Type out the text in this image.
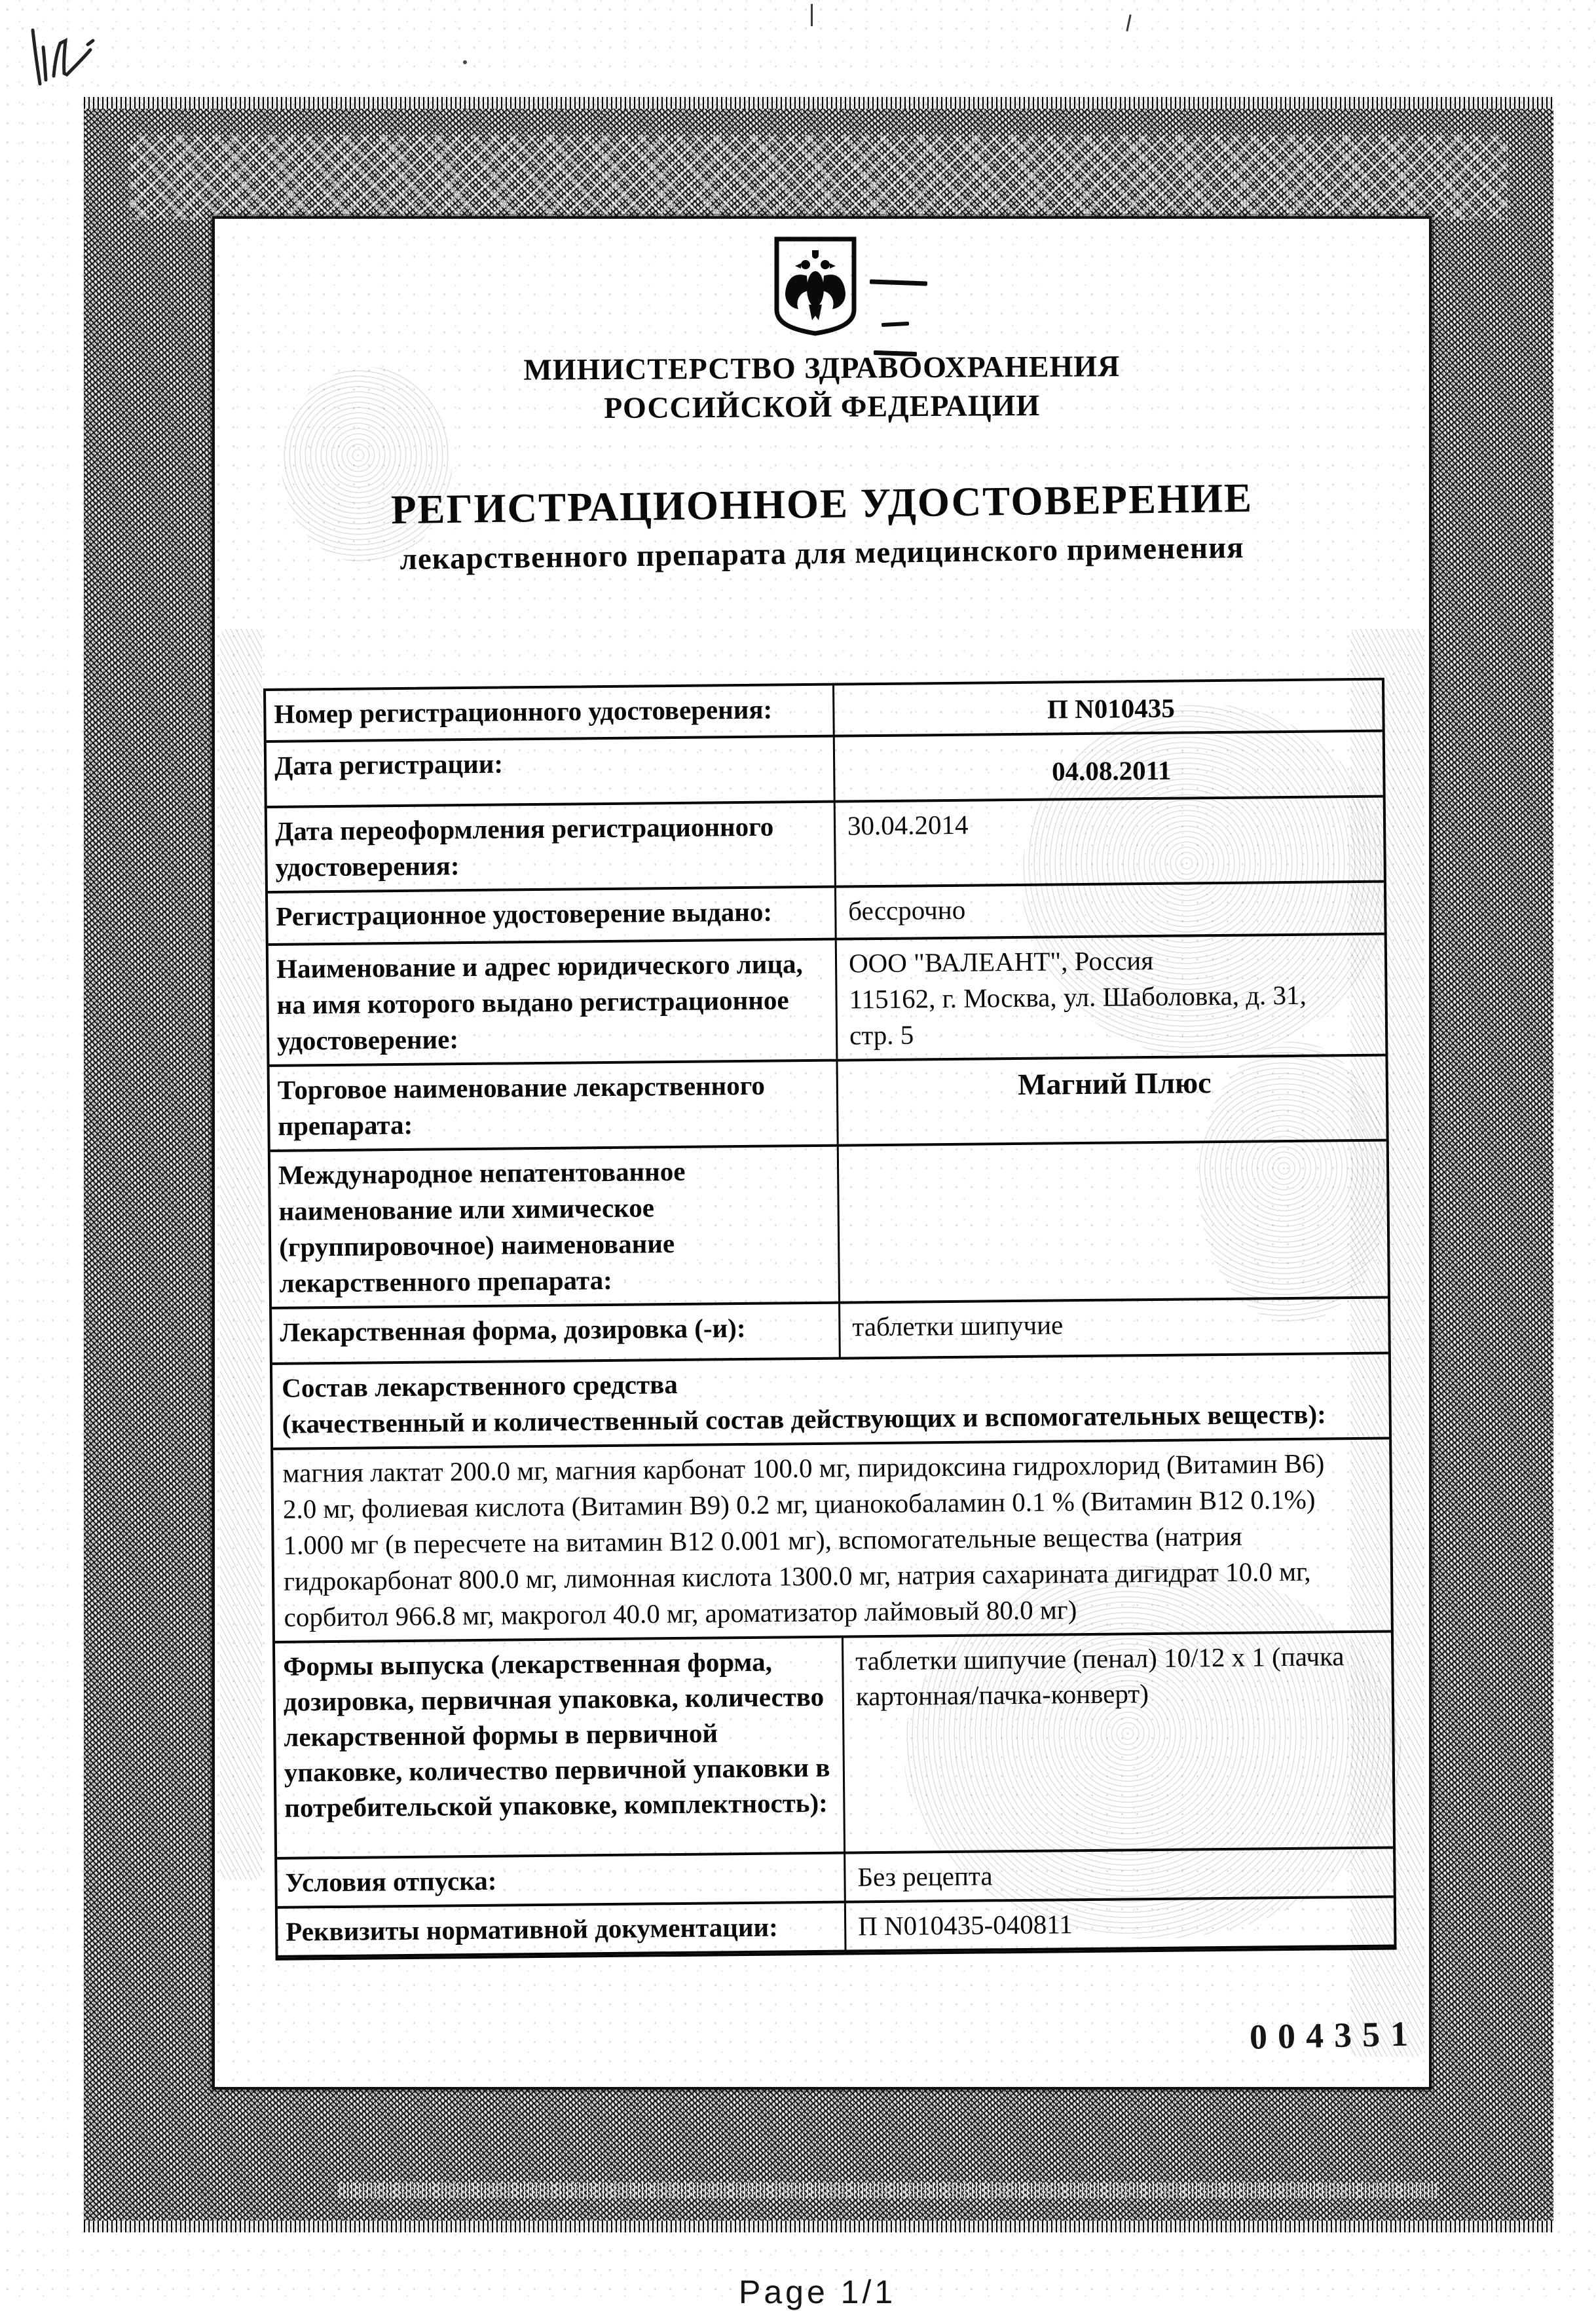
МИНИСТЕРСТВО ЗДРАВООХРАНЕНИЯ
РОССИЙСКОЙ ФЕДЕРАЦИИ
РЕГИСТРАЦИОННОЕ УДОСТОВЕРЕНИЕ
лекарственного препарата для медицинского применения
Номер регистрационного удостоверения:	П N010435
Дата регистрации:	04.08.2011
Дата переоформления регистрационного удостоверения:
30.04.2014
Регистрационное удостоверение выдано:	бессрочно
Наименование и адрес юридического лица, на имя которого выдано регистрационное удостоверение:
ООО "ВАЛЕАНТ", Россия
115162, г. Москва, ул. Шаболовка, д. 31,
стр. 5
Торговое наименование лекарственного препарата:
Магний Плюс
Международное непатентованное наименование или химическое (группировочное) наименование лекарственного препарата:
Лекарственная форма, дозировка (-и):	таблетки шипучие
Состав лекарственного средства
(качественный и количественный состав действующих и вспомогательных веществ):
магния лактат 200.0 мг, магния карбонат 100.0 мг, пиридоксина гидрохлорид (Витамин В6)
2.0 мг, фолиевая кислота (Витамин В9) 0.2 мг, цианокобаламин 0.1 % (Витамин В12 0.1%)
1.000 мг (в пересчете на витамин В12 0.001 мг), вспомогательные вещества (натрия
гидрокарбонат 800.0 мг, лимонная кислота 1300.0 мг, натрия сахарината дигидрат 10.0 мг,
сорбитол 966.8 мг, макрогол 40.0 мг, ароматизатор лаймовый 80.0 мг)
Формы выпуска (лекарственная форма, дозировка, первичная упаковка, количество лекарственной формы в первичной упаковке, количество первичной упаковки в потребительской упаковке, комплектность):
таблетки шипучие (пенал) 10/12 х 1 (пачка
картонная/пачка-конверт)
Условия отпуска:	Без рецепта
Реквизиты нормативной документации:	П N010435-040811
004351
Page 1/1
